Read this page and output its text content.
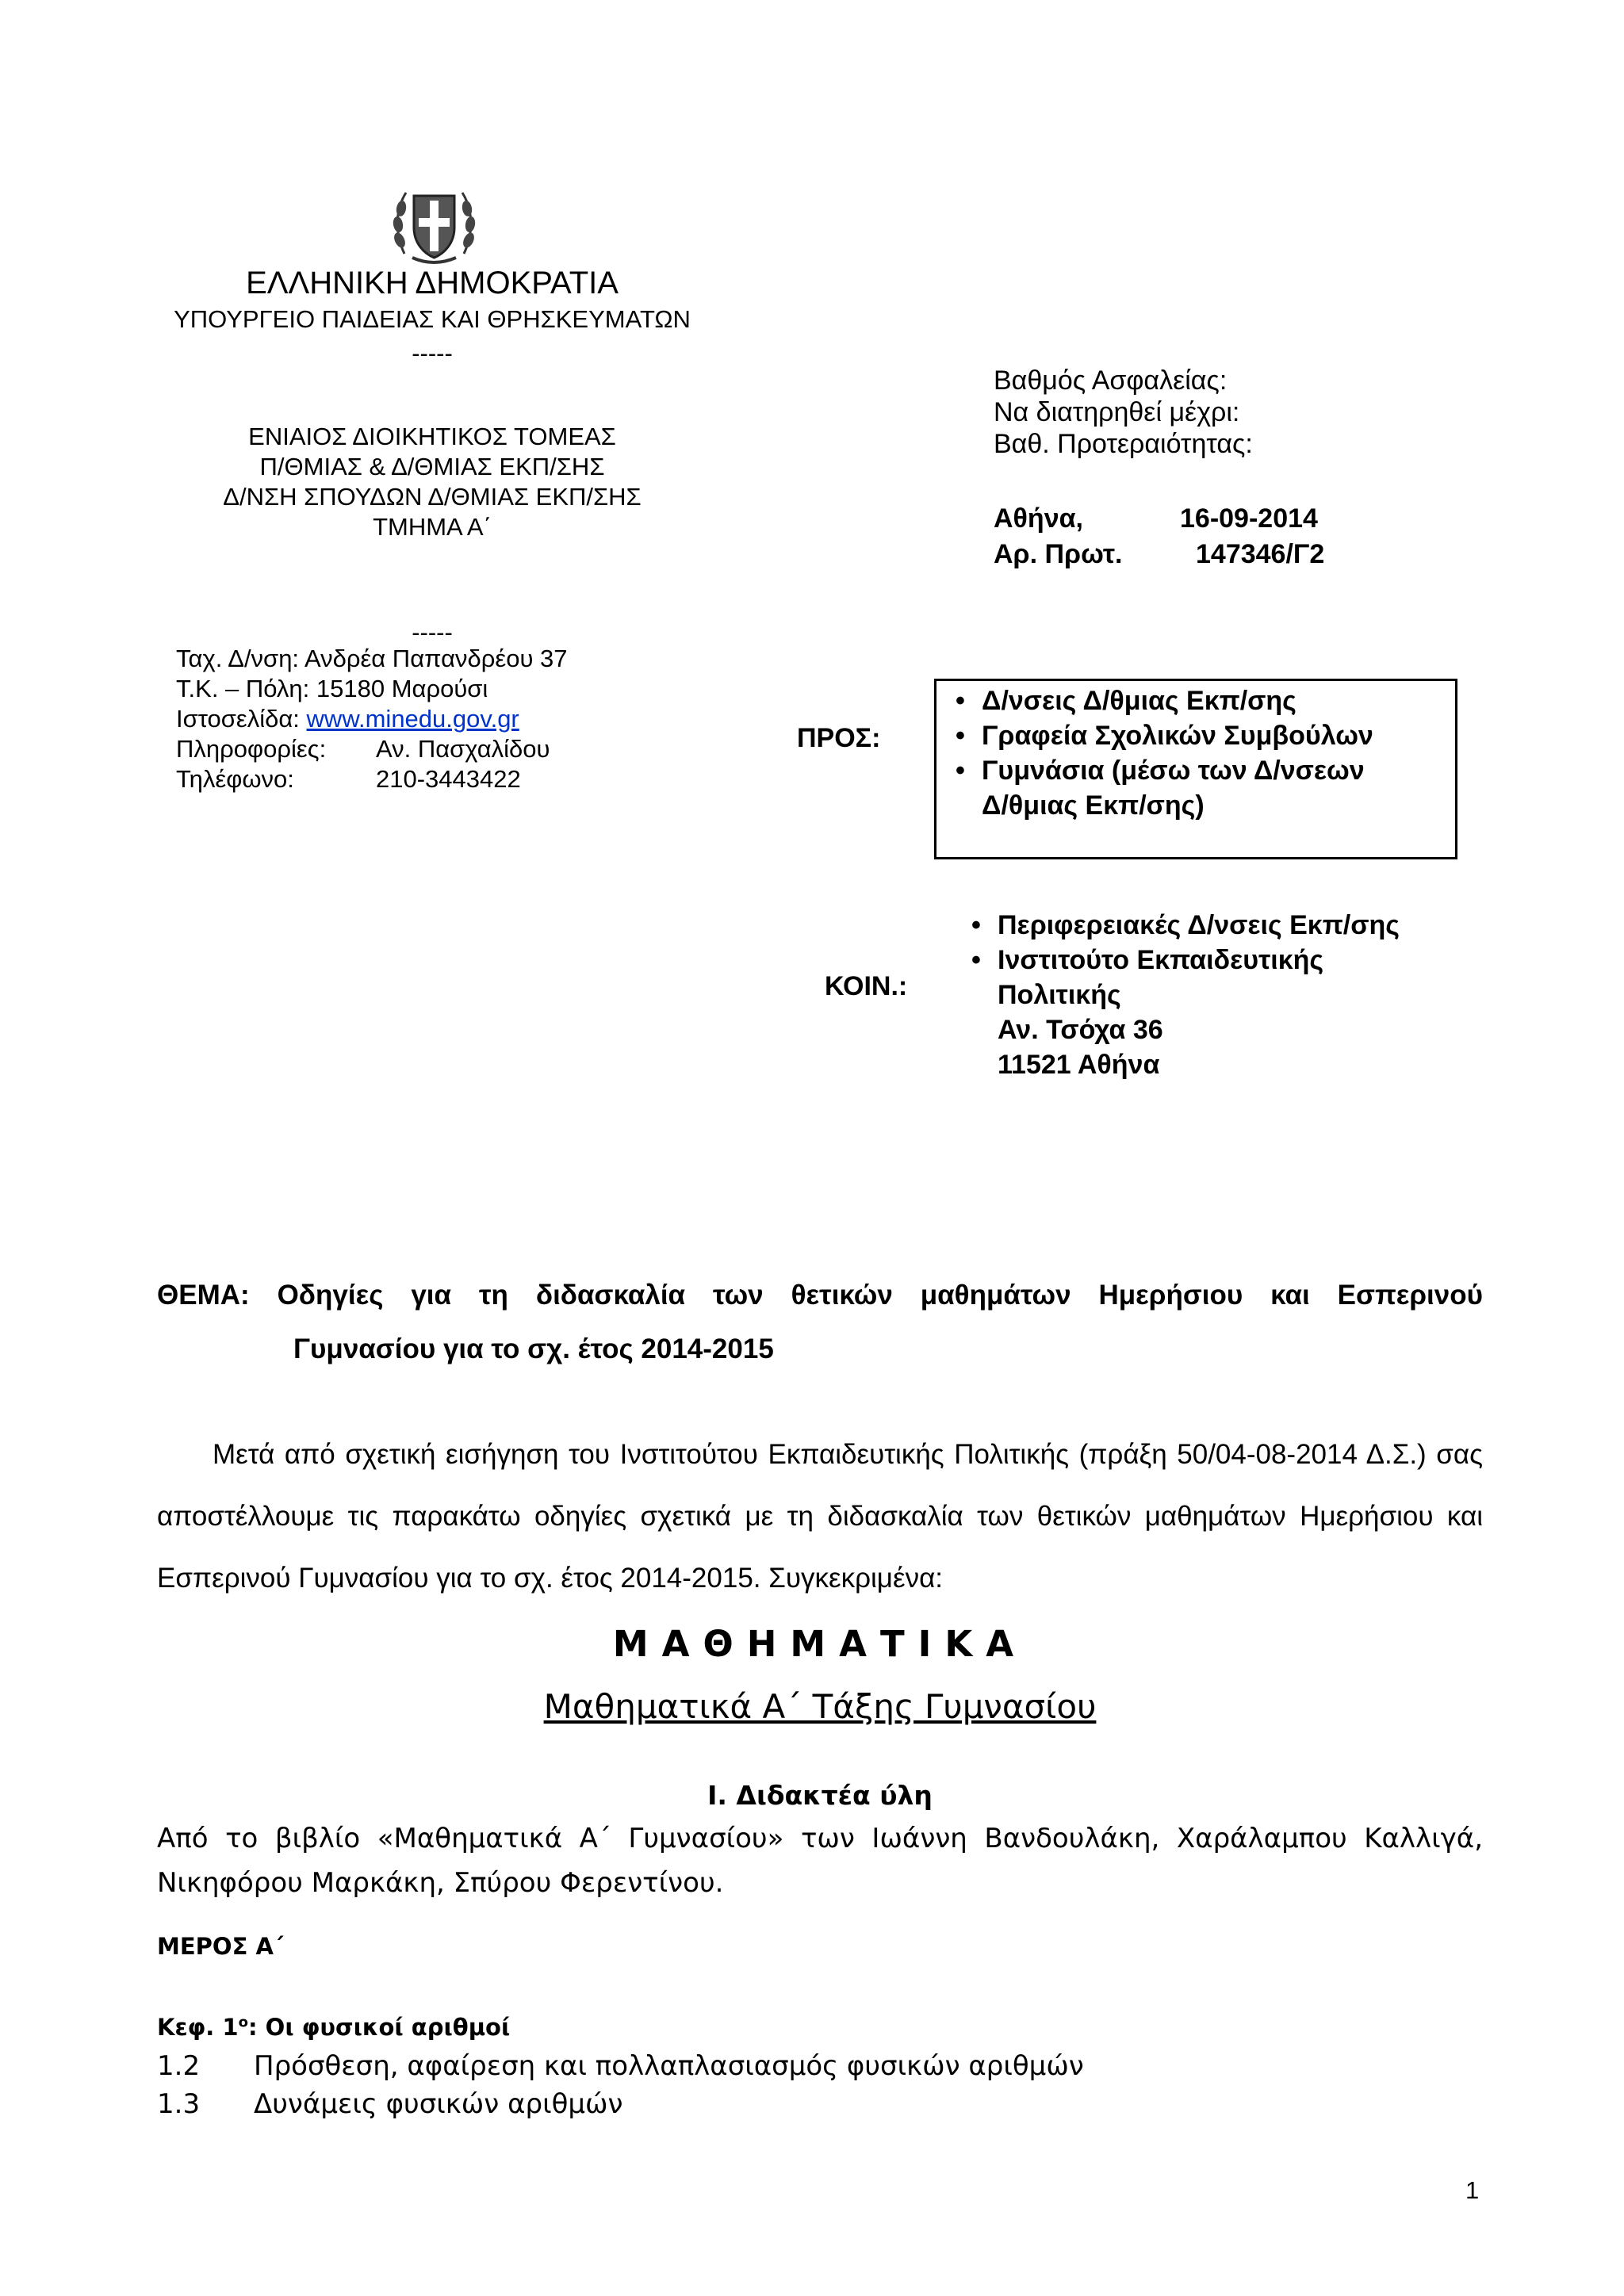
ΕΛΛΗΝΙΚΗ ΔΗΜΟΚΡΑΤΙΑ
ΥΠΟΥΡΓΕΙΟ ΠΑΙΔΕΙΑΣ ΚΑΙ ΘΡΗΣΚΕΥΜΑΤΩΝ
-----
ΕΝΙΑΙΟΣ ΔΙΟΙΚΗΤΙΚΟΣ ΤΟΜΕΑΣ
Π/ΘΜΙΑΣ & Δ/ΘΜΙΑΣ ΕΚΠ/ΣΗΣ
Δ/ΝΣΗ ΣΠΟΥΔΩΝ Δ/ΘΜΙΑΣ ΕΚΠ/ΣΗΣ
ΤΜΗΜΑ Α΄
-----
Ταχ. Δ/νση: Ανδρέα Παπανδρέου 37
Τ.Κ. – Πόλη: 15180 Μαρούσι
Ιστοσελίδα: www.minedu.gov.gr
Πληροφορίες: Αν. Πασχαλίδου
Τηλέφωνο:	210-3443422
Βαθμός Ασφαλείας:
Να διατηρηθεί μέχρι:
Βαθ. Προτεραιότητας:
Αθήνα,	16-09-2014
Αρ. Πρωτ.	147346/Γ2
ΠΡΟΣ:
• Δ/νσεις Δ/θμιας Εκπ/σης
• Γραφεία Σχολικών Συμβούλων
• Γυμνάσια (μέσω των Δ/νσεων
Δ/θμιας Εκπ/σης)
ΚΟΙΝ.:
• Περιφερειακές Δ/νσεις Εκπ/σης
• Ινστιτούτο Εκπαιδευτικής
Πολιτικής
Αν. Τσόχα 36
11521 Αθήνα
ΘΕΜΑ: Οδηγίες για τη διδασκαλία των θετικών μαθημάτων Ημερήσιου και Εσπερινού
Γυμνασίου για το σχ. έτος 2014-2015
Μετά από σχετική εισήγηση του Ινστιτούτου Εκπαιδευτικής Πολιτικής (πράξη 50/04-08-2014 Δ.Σ.) σας αποστέλλουμε τις παρακάτω οδηγίες σχετικά με τη διδασκαλία των θετικών μαθημάτων Ημερήσιου και Εσπερινού Γυμνασίου για το σχ. έτος 2014-2015. Συγκεκριμένα:
ΜΑΘΗΜΑΤΙΚΑ
Μαθηματικά Α΄ Τάξης Γυμνασίου
Ι. Διδακτέα ύλη
Από το βιβλίο «Μαθηματικά Α΄ Γυμνασίου» των Ιωάννη Βανδουλάκη, Χαράλαμπου Καλλιγά, Νικηφόρου Μαρκάκη, Σπύρου Φερεντίνου.
ΜΕΡΟΣ Α΄
Κεφ. $1^o$: Οι φυσικοί αριθμοί
1.2	Πρόσθεση, αφαίρεση και πολλαπλασιασμός φυσικών αριθμών
1.3	Δυνάμεις φυσικών αριθμών
1
